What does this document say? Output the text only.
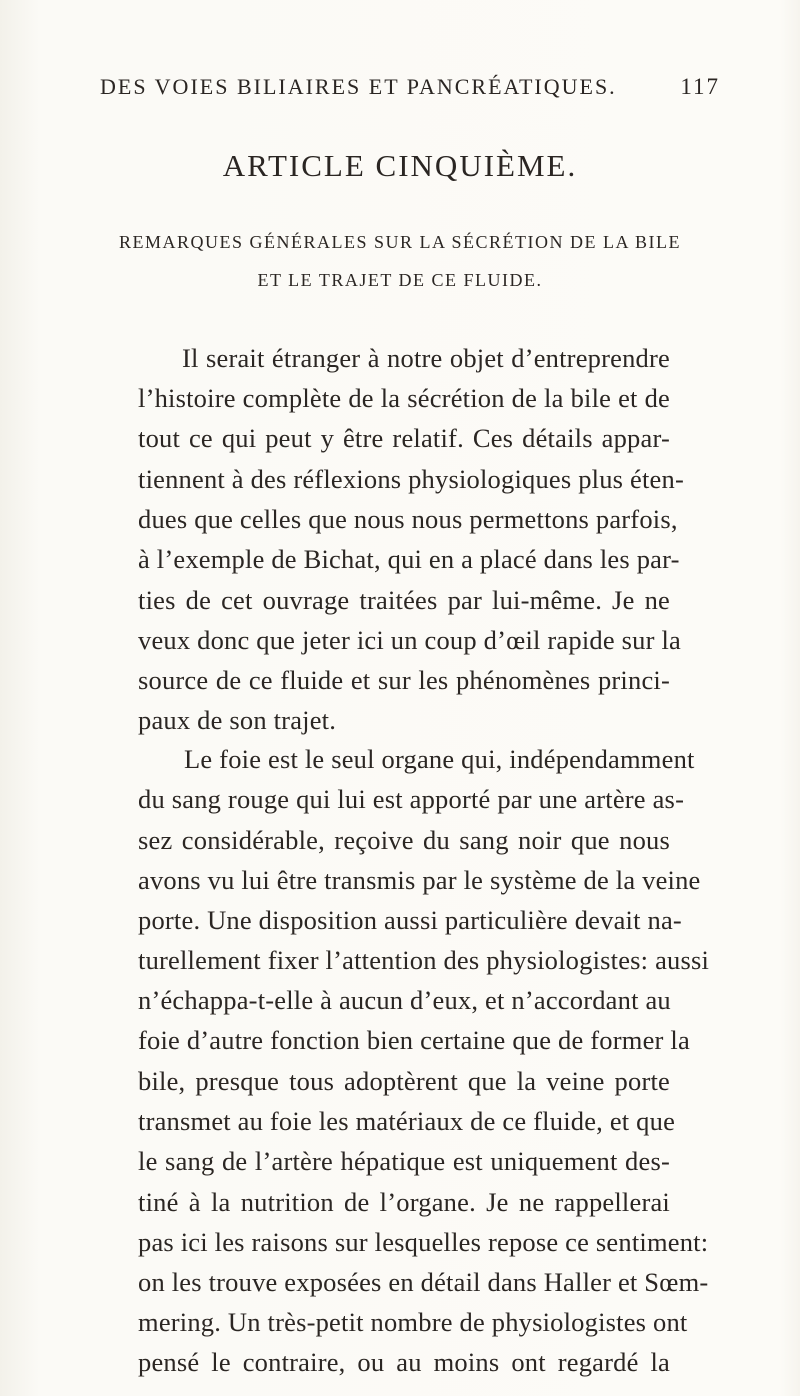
DES VOIES BILIAIRES ET PANCRÉATIQUES.	117
ARTICLE CINQUIÈME.
REMARQUES GÉNÉRALES SUR LA SÉCRÉTION DE LA BILE
ET LE TRAJET DE CE FLUIDE.
Il serait étranger à notre objet d’entreprendre
l’histoire complète de la sécrétion de la bile et de
tout ce qui peut y être relatif. Ces détails appar-
tiennent à des réflexions physiologiques plus éten-
dues que celles que nous nous permettons parfois,
à l’exemple de Bichat, qui en a placé dans les par-
ties de cet ouvrage traitées par lui-même. Je ne
veux donc que jeter ici un coup d’œil rapide sur la
source de ce fluide et sur les phénomènes princi-
paux de son trajet.
Le foie est le seul organe qui, indépendamment
du sang rouge qui lui est apporté par une artère as-
sez considérable, reçoive du sang noir que nous
avons vu lui être transmis par le système de la veine
porte. Une disposition aussi particulière devait na-
turellement fixer l’attention des physiologistes: aussi
n’échappa-t-elle à aucun d’eux, et n’accordant au
foie d’autre fonction bien certaine que de former la
bile, presque tous adoptèrent que la veine porte
transmet au foie les matériaux de ce fluide, et que
le sang de l’artère hépatique est uniquement des-
tiné à la nutrition de l’organe. Je ne rappellerai
pas ici les raisons sur lesquelles repose ce sentiment:
on les trouve exposées en détail dans Haller et Sœm-
mering. Un très-petit nombre de physiologistes ont
pensé le contraire, ou au moins ont regardé la
